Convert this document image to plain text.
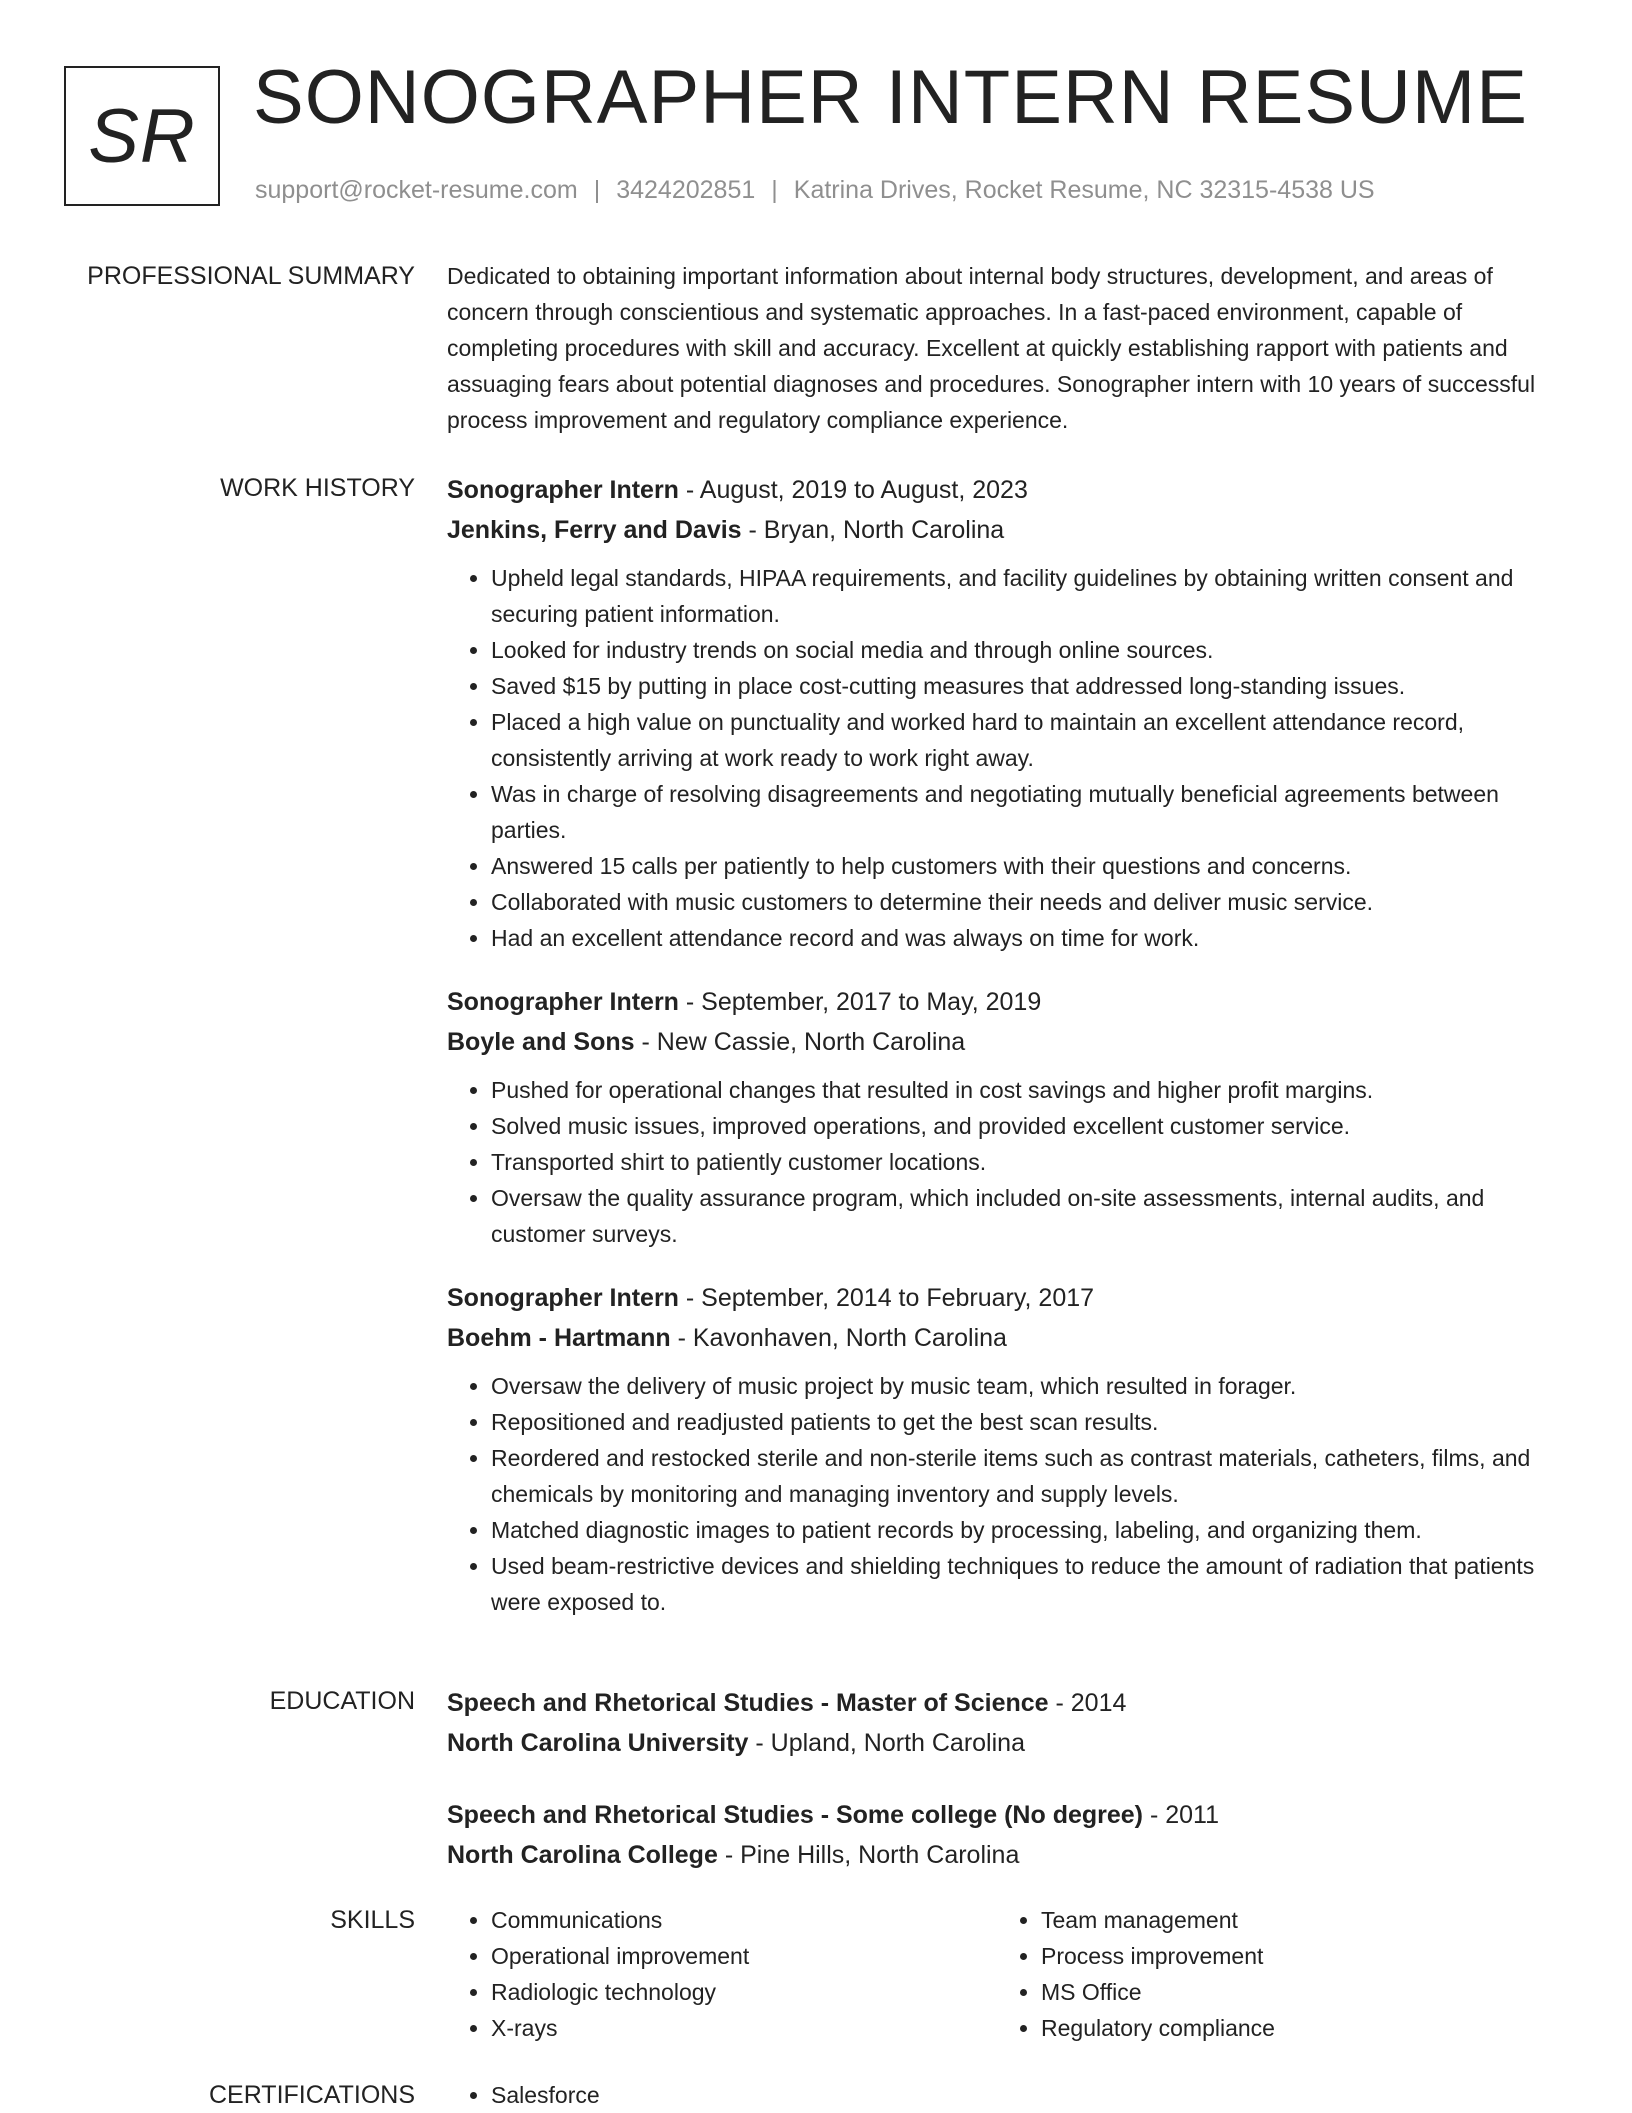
SR SONOGRAPHER INTERN RESUME
support@rocket-resume.com | 3424202851 | Katrina Drives, Rocket Resume, NC 32315-4538 US
PROFESSIONAL SUMMARY Dedicated to obtaining important information about internal body structures, development, and areas of concern through conscientious and systematic approaches. In a fast-paced environment, capable of completing procedures with skill and accuracy. Excellent at quickly establishing rapport with patients and assuaging fears about potential diagnoses and procedures. Sonographer intern with 10 years of successful process improvement and regulatory compliance experience.

WORK HISTORY Sonographer Intern - August, 2019 to August, 2023
Jenkins, Ferry and Davis - Bryan, North Carolina
• Upheld legal standards, HIPAA requirements, and facility guidelines by obtaining written consent and securing patient information.
• Looked for industry trends on social media and through online sources.
• Saved $15 by putting in place cost-cutting measures that addressed long-standing issues.
• Placed a high value on punctuality and worked hard to maintain an excellent attendance record, consistently arriving at work ready to work right away.
• Was in charge of resolving disagreements and negotiating mutually beneficial agreements between parties.
• Answered 15 calls per patiently to help customers with their questions and concerns.
• Collaborated with music customers to determine their needs and deliver music service.
• Had an excellent attendance record and was always on time for work.
Sonographer Intern - September, 2017 to May, 2019
Boyle and Sons - New Cassie, North Carolina
• Pushed for operational changes that resulted in cost savings and higher profit margins.
• Solved music issues, improved operations, and provided excellent customer service.
• Transported shirt to patiently customer locations.
• Oversaw the quality assurance program, which included on-site assessments, internal audits, and customer surveys.
Sonographer Intern - September, 2014 to February, 2017
Boehm - Hartmann - Kavonhaven, North Carolina
• Oversaw the delivery of music project by music team, which resulted in forager.
• Repositioned and readjusted patients to get the best scan results.
• Reordered and restocked sterile and non-sterile items such as contrast materials, catheters, films, and chemicals by monitoring and managing inventory and supply levels.
• Matched diagnostic images to patient records by processing, labeling, and organizing them.
• Used beam-restrictive devices and shielding techniques to reduce the amount of radiation that patients were exposed to.
EDUCATION Speech and Rhetorical Studies - Master of Science - 2014
North Carolina University - Upland, North Carolina
Speech and Rhetorical Studies - Some college (No degree) - 2011
North Carolina College - Pine Hills, North Carolina
SKILLS	• Communications
• Operational improvement
• Radiologic technology
• X-rays
• Team management
• Process improvement
• MS Office
• Regulatory compliance
CERTIFICATIONS	• Salesforce
